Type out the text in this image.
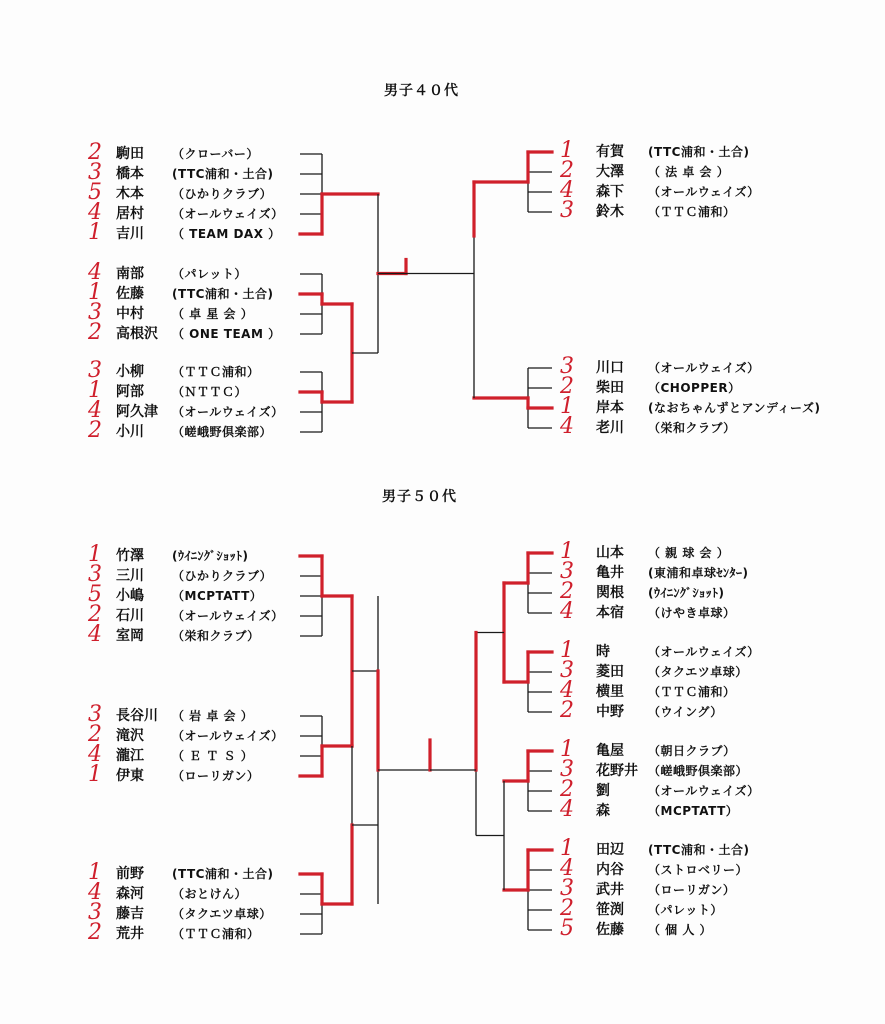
男子４０代
男子５０代
2 駒田 （クローバー）
3 橋本 (TTC浦和・土合)
5 木本 （ひかりクラブ）
4 居村 （オールウェイズ）
1 吉川 （ TEAM DAX ）
4 南部 （パレット）
1 佐藤 (TTC浦和・土合)
3 中村 （ 卓 星 会 ）
2 高根沢 （ ONE TEAM ）
3 小柳 （ＴＴＣ浦和）
1 阿部 （ＮＴＴＣ）
4 阿久津 （オールウェイズ）
2 小川 （嵯峨野倶楽部）
1 有賀 (TTC浦和・土合)
2 大澤 （ 法 卓 会 ）
4 森下 （オールウェイズ）
3 鈴木 （ＴＴＣ浦和）
3 川口 （オールウェイズ）
2 柴田 （CHOPPER）
1 岸本 (なおちゃんずとアンディーズ)
4 老川 （栄和クラブ）
1 竹澤 (ｳｲﾆﾝｸﾞｼｮｯﾄ)
3 三川 （ひかりクラブ）
5 小嶋 （MCPTATT）
2 石川 （オールウェイズ）
4 室岡 （栄和クラブ）
3 長谷川 （ 岩 卓 会 ）
2 滝沢 （オールウェイズ）
4 瀧江 （ Ｅ Ｔ Ｓ ）
1 伊東 （ローリガン）
1 前野 (TTC浦和・土合)
4 森河 （おとけん）
3 藤吉 （タクエツ卓球）
2 荒井 （ＴＴＣ浦和）
1 山本 （ 親 球 会 ）
3 亀井 (東浦和卓球ｾﾝﾀｰ)
2 関根 (ｳｲﾆﾝｸﾞｼｮｯﾄ)
4 本宿 （けやき卓球）
1 時	（オールウェイズ）
3 菱田 （タクエツ卓球）
4 横里 （ＴＴＣ浦和）
2 中野 （ウイング）
1 亀屋 （朝日クラブ）
3 花野井 （嵯峨野倶楽部）
2 劉	（オールウェイズ）
4 森	（MCPTATT）
1 田辺 (TTC浦和・土合)
4 内谷 （ストロベリー）
3 武井 （ローリガン）
2 笹渕 （パレット）
5 佐藤 （ 個 人 ）
